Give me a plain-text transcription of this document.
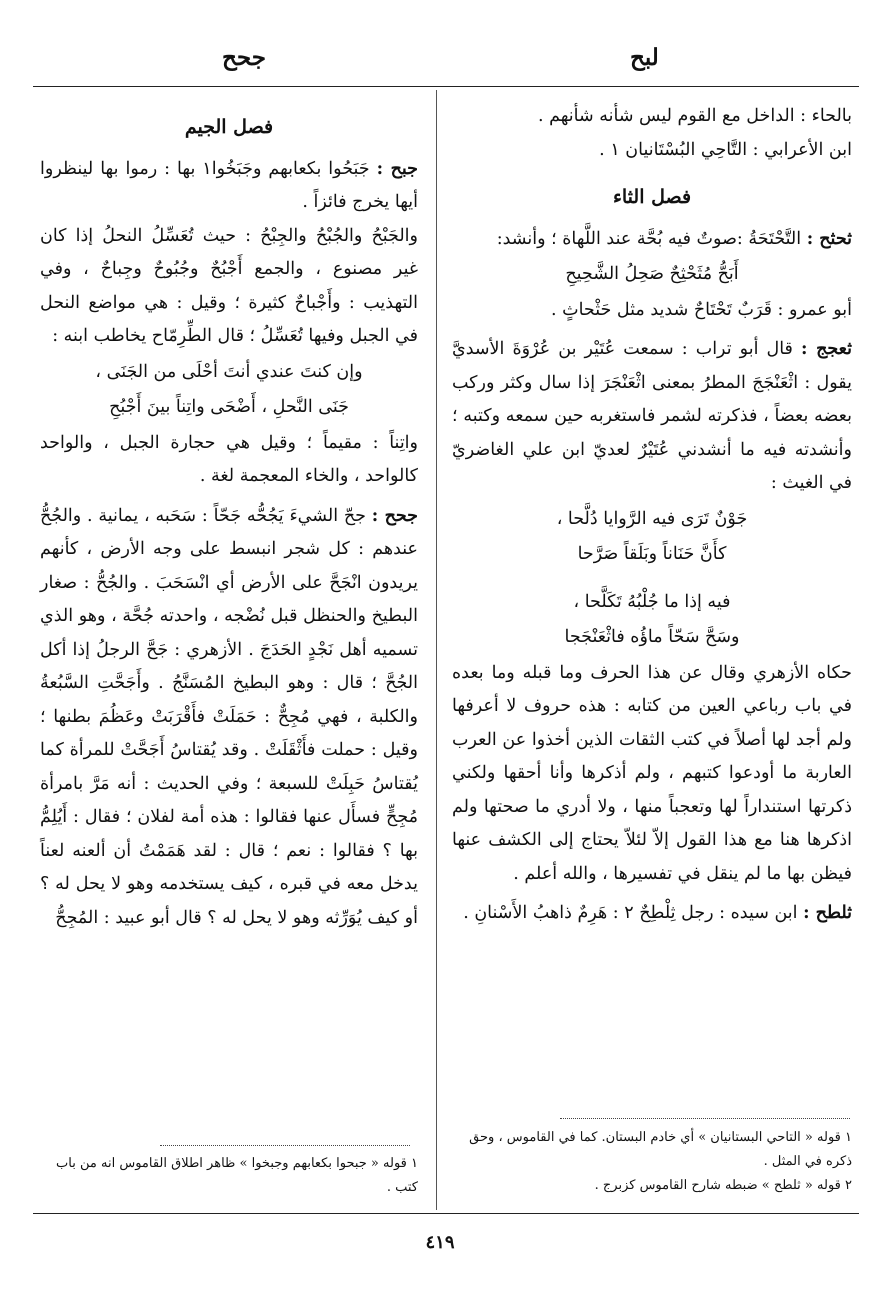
جحح	لبح
بالحاء : الداخل مع القوم ليس شأنه شأنهم .
ابن الأعرابي : التَّاحِي البُسْتَانيان ١ .
فصل الثاء
ثحثح : التَّحْتَحَةُ :صوتٌ فيه بُحَّة عند اللَّهاة ؛ وأنشد:
أَبَحُّ مُثَحْثِحٌ صَحِلُ الشَّحِيحِ
أبو عمرو : قَرَبٌ تَحْتَاحٌ شديد مثل حَثْحاثٍ .
ثعجج : قال أبو تراب : سمعت عُتَيْر بن عُرْوَةَ الأسديَّ يقول : اثْعَنْجَجَ المطرُ بمعنى اثْعَنْجَرَ إذا سال وكثر وركب بعضه بعضاً ، فذكرته لشمر فاستغربه حين سمعه وكتبه ؛ وأنشدته فيه ما أنشدني عُتَيْرٌ لعديّ ابن علي الغاضريّ في الغيث :
جَوْنٌ تَرَى فيه الرَّوايا دُلَّحا ،
كأَنَّ حَنَاناً وبَلَقاً صَرَّحا
فيه إذا ما جُلْبُهُ تَكَلَّحا ،
وسَحَّ سَحّاً ماؤُه فاثْعَنْجَجا
حكاه الأزهري وقال عن هذا الحرف وما قبله وما بعده في باب رباعي العين من كتابه : هذه حروف لا أعرفها ولم أجد لها أصلاً في كتب الثقات الذين أخذوا عن العرب العاربة ما أودعوا كتبهم ، ولم أذكرها وأنا أحقها ولكني ذكرتها استنداراً لها وتعجباً منها ، ولا أدري ما صحتها ولم اذكرها هنا مع هذا القول إلاّ لئلاّ يحتاج إلى الكشف عنها فيظن بها ما لم ينقل في تفسيرها ، والله أعلم .
ثلطح : ابن سيده : رجل ثِلْطِحٌ ٢ : هَرِمٌ ذاهبُ الأَسْنانِ .
١ قوله « التاحي البستانيان » أي خادم البستان. كما في القاموس ، وحق ذكره في المثل .
٢ قوله « ثلطح » ضبطه شارح القاموس كزبرج .
فصل الجيم
جبح : جَبَحُوا بكعابهم وجَبَخُوا١ بها : رموا بها لينظروا أيها يخرج فائزاً .
والجَبْحُ والجُبْحُ والجِبْحُ : حيث تُعَسِّلُ النحلُ إذا كان غير مصنوع ، والجمع أَجْبُحٌ وجُبُوحٌ وجِباحٌ ، وفي التهذيب : وأَجْباحٌ كثيرة ؛ وقيل : هي مواضع النحل في الجبل وفيها تُعَسِّلُ ؛ قال الطِّرِمّاح يخاطب ابنه :
وإن كنتَ عندي أنتَ أحْلَى من الجَنَى ،
جَنَى النَّحلِ ، أَضْحَى واتِناً بينَ أَجْبُحِ
واتِناً : مقيماً ؛ وقيل هي حجارة الجبل ، والواحد كالواحد ، والخاء المعجمة لغة .
جحح : جحّ الشيءَ يَجُحُّه جَحّاً : سَحَبه ، يمانية . والجُحُّ عندهم : كل شجر انبسط على وجه الأرض ، كأنهم يريدون انْجَحَّ على الأرض أي انْسَحَبَ . والجُحُّ : صغار البطيخ والحنظل قبل نُضْجه ، واحدته جُحَّة ، وهو الذي تسميه أهل نَجْدٍ الحَدَجَ . الأزهري : جَحَّ الرجلُ إذا أكل الجُحَّ ؛ قال : وهو البطيخ المُسَنَّجُ . وأَجَحَّتِ السَّبُعةُ والكلبة ، فهي مُجِحٌّ : حَمَلَتْ فأَقْرَبَتْ وعَظُمَ بطنها ؛ وقيل : حملت فأَثْقَلَتْ . وقد يُقتاسُ أَجَحَّتْ للمرأة كما يُقتاسُ حَبِلَتْ للسبعة ؛ وفي الحديث : أنه مَرَّ بامرأة مُجِحٍّ فسأَل عنها فقالوا : هذه أمة لفلان ؛ فقال : أَيُلِمُّ بها ؟ فقالوا : نعم ؛ قال : لقد هَمَمْتُ أن ألعنه لعناً يدخل معه في قبره ، كيف يستخدمه وهو لا يحل له ؟ أو كيف يُوَرِّثه وهو لا يحل له ؟ قال أبو عبيد : المُجِحُّ
١ قوله « جبحوا بكعابهم وجبخوا » ظاهر اطلاق القاموس انه من باب كتب .
٤١٩
